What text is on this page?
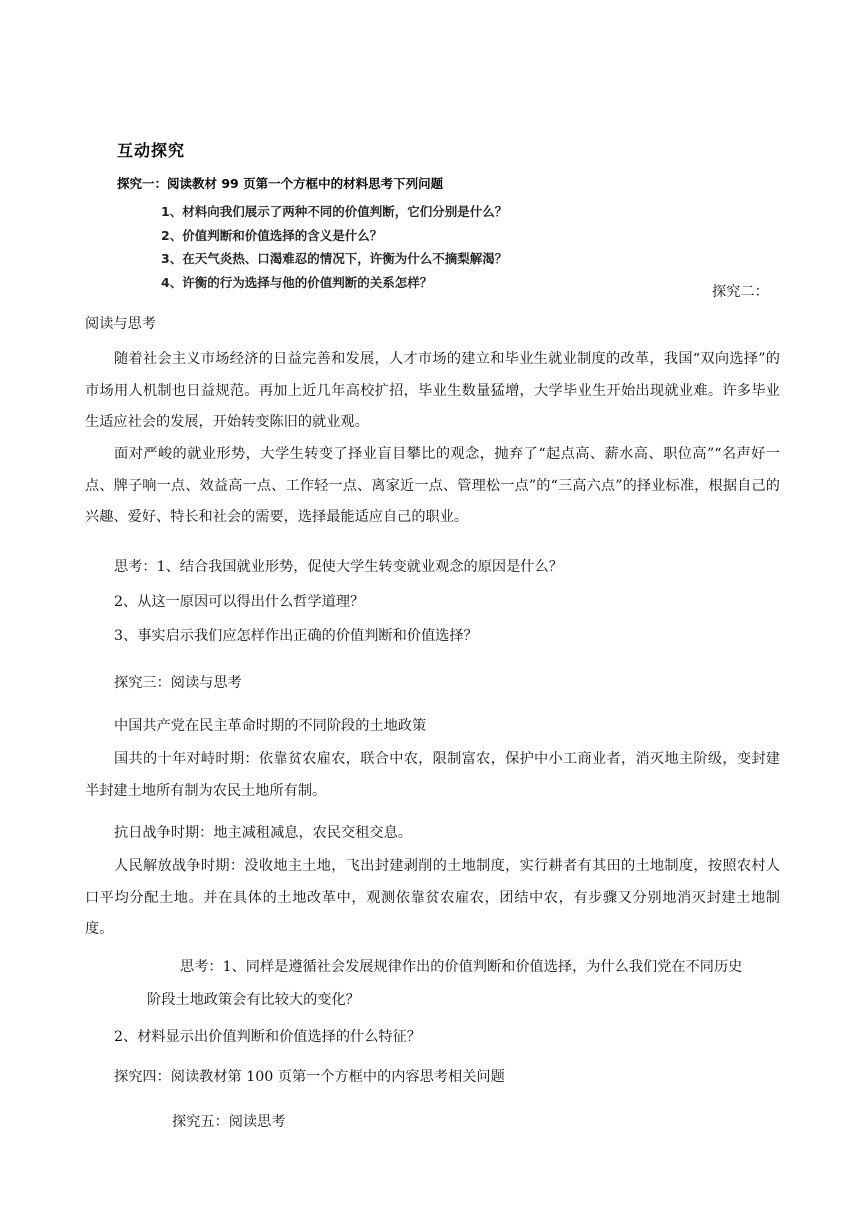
互动探究
探究一：阅读教材 99 页第一个方框中的材料思考下列问题
1、材料向我们展示了两种不同的价值判断，它们分别是什么？
2、价值判断和价值选择的含义是什么？
3、在天气炎热、口渴难忍的情况下，许衡为什么不摘梨解渴？
4、许衡的行为选择与他的价值判断的关系怎样？
探究二：
阅读与思考

随着社会主义市场经济的日益完善和发展，人才市场的建立和毕业生就业制度的改革，我国“双向选择”的市场用人机制也日益规范。再加上近几年高校扩招，毕业生数量猛增，大学毕业生开始出现就业难。许多毕业生适应社会的发展，开始转变陈旧的就业观。

面对严峻的就业形势，大学生转变了择业盲目攀比的观念，抛弃了“起点高、薪水高、职位高”“名声好一点、牌子响一点、效益高一点、工作轻一点、离家近一点、管理松一点”的“三高六点”的择业标准，根据自己的兴趣、爱好、特长和社会的需要，选择最能适应自己的职业。

思考：1、结合我国就业形势，促使大学生转变就业观念的原因是什么？
2、从这一原因可以得出什么哲学道理？
3、事实启示我们应怎样作出正确的价值判断和价值选择？
探究三：阅读与思考
中国共产党在民主革命时期的不同阶段的土地政策

国共的十年对峙时期：依靠贫农雇农，联合中农，限制富农，保护中小工商业者，消灭地主阶级，变封建半封建土地所有制为农民土地所有制。

抗日战争时期：地主减租减息，农民交租交息。

人民解放战争时期：没收地主土地，飞出封建剥削的土地制度，实行耕者有其田的土地制度，按照农村人口平均分配土地。并在具体的土地改革中，观测依靠贫农雇农，团结中农，有步骤又分别地消灭封建土地制度。

思考：1、同样是遵循社会发展规律作出的价值判断和价值选择，为什么我们党在不同历史
阶段土地政策会有比较大的变化？
2、材料显示出价值判断和价值选择的什么特征？
探究四：阅读教材第 100 页第一个方框中的内容思考相关问题
探究五：阅读思考
